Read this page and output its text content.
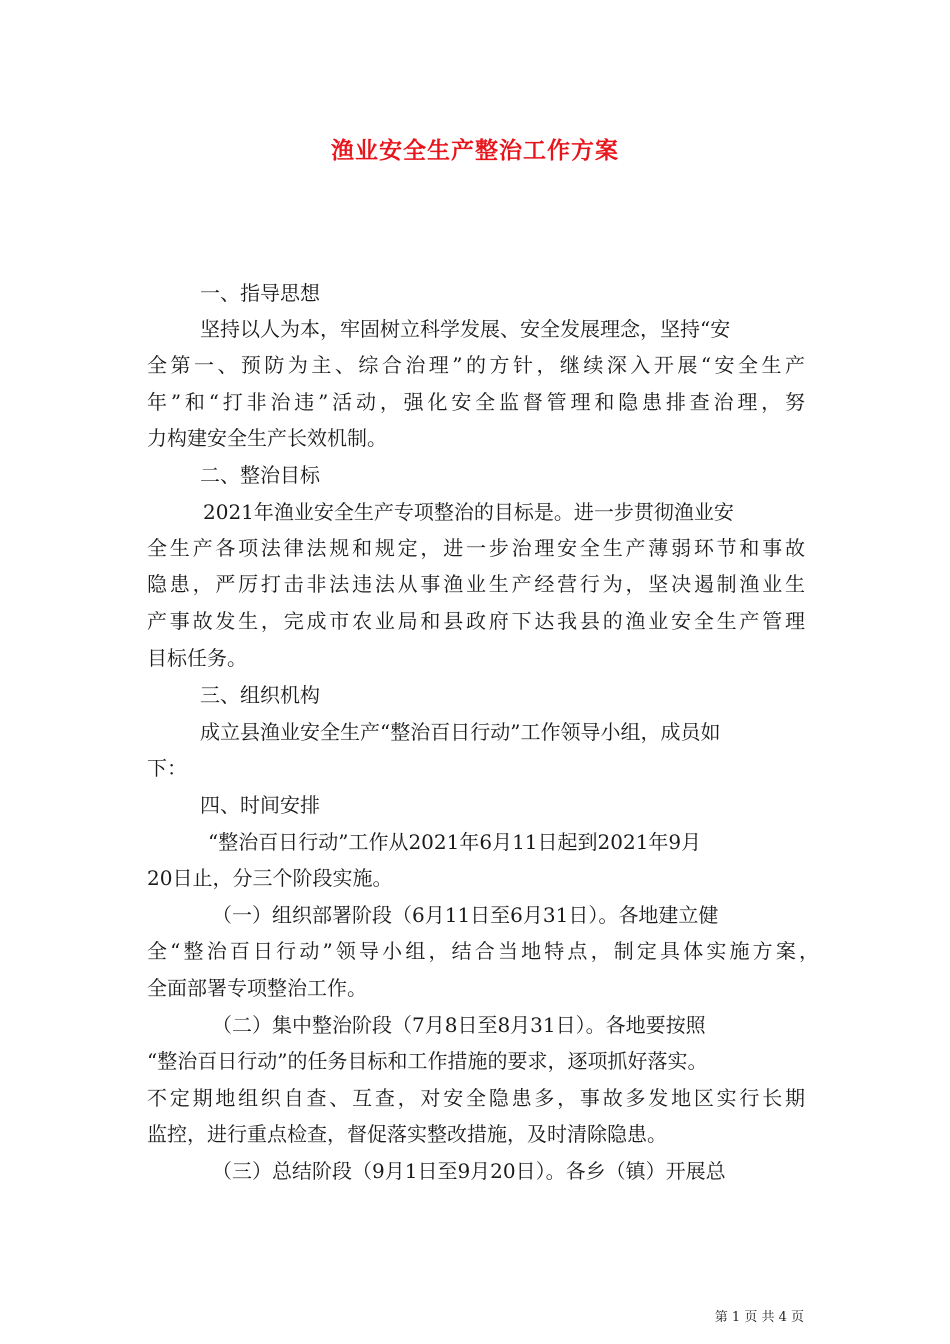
渔业安全生产整治工作方案
一、指导思想
坚持以人为本，牢固树立科学发展、安全发展理念，坚持“安
全第一、预防为主、综合治理”的方针，继续深入开展“安全生产
年”和“打非治违”活动，强化安全监督管理和隐患排查治理，努
力构建安全生产长效机制。
二、整治目标
2021年渔业安全生产专项整治的目标是。进一步贯彻渔业安
全生产各项法律法规和规定，进一步治理安全生产薄弱环节和事故
隐患，严厉打击非法违法从事渔业生产经营行为，坚决遏制渔业生
产事故发生，完成市农业局和县政府下达我县的渔业安全生产管理
目标任务。
三、组织机构
成立县渔业安全生产“整治百日行动”工作领导小组，成员如
下：
四、时间安排
“整治百日行动”工作从2021年6月11日起到2021年9月
20日止，分三个阶段实施。
（一）组织部署阶段（6月11日至6月31日）。各地建立健
全“整治百日行动”领导小组，结合当地特点，制定具体实施方案，
全面部署专项整治工作。
（二）集中整治阶段（7月8日至8月31日）。各地要按照
“整治百日行动”的任务目标和工作措施的要求，逐项抓好落实。
不定期地组织自查、互查，对安全隐患多，事故多发地区实行长期
监控，进行重点检查，督促落实整改措施，及时清除隐患。
（三）总结阶段（9月1日至9月20日）。各乡（镇）开展总
第 1 页 共 4 页
